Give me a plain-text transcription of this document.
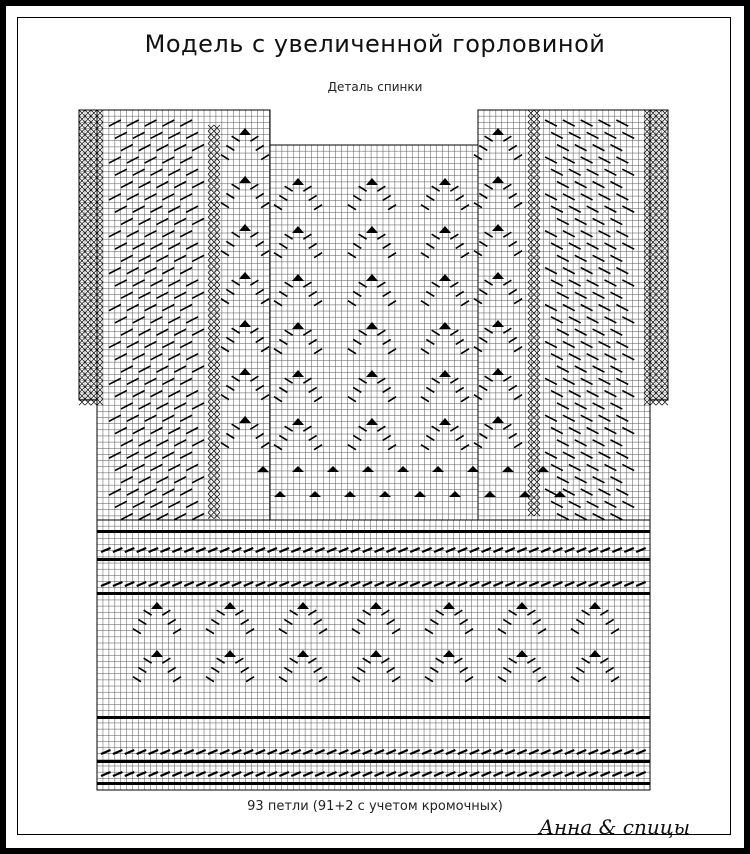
Модель с увеличенной горловиной
Деталь спинки
93 петли (91+2 с учетом кромочных)
Анна & спицы
